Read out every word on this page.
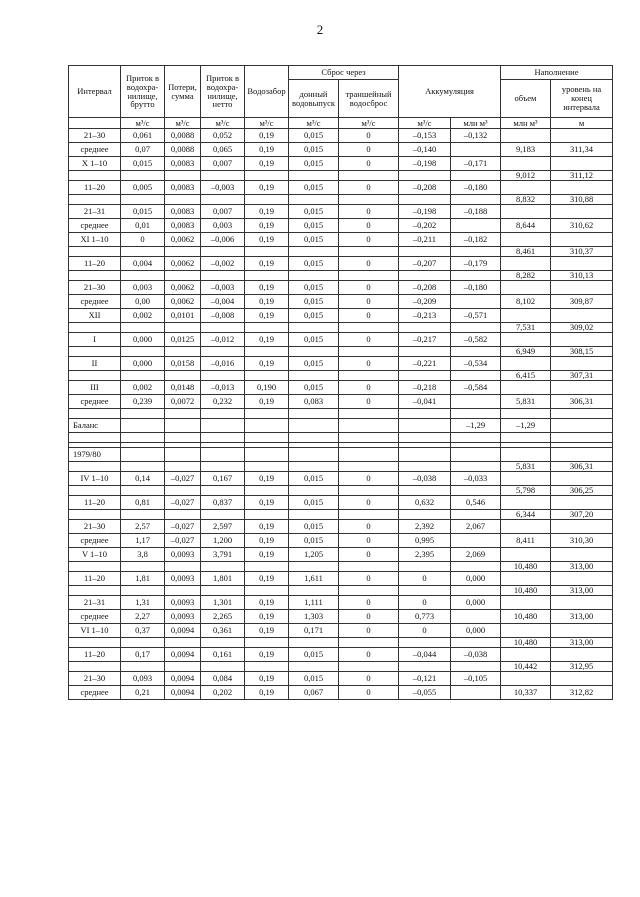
2
Интервал	Приток в водохра-нилище, брутто	Потери, сумма	Приток в водохра-нилище, нетто	Водозабор	Сброс через		Аккумуляция		Наполнение	
					донный водовыпуск	траншейный водосброс			объем	уровень на конец интервала

	м³/с	м³/с	м³/с	м³/с	м³/с	м³/с	м³/с	млн м³	млн м³	м
21–30	0,061	0,0088	0,052	0,19	0,015	0	–0,153	–0,132		
среднее	0,07	0,0088	0,065	0,19	0,015	0	–0,140		9,183	311,34
X 1–10	0,015	0,0083	0,007	0,19	0,015	0	–0,198	–0,171		
									9,012	311,12
11–20	0,005	0,0083	–0,003	0,19	0,015	0	–0,208	–0,180		
									8,832	310,88
21–31	0,015	0,0083	0,007	0,19	0,015	0	–0,198	–0,188		
среднее	0,01	0,0083	0,003	0,19	0,015	0	–0,202		8,644	310,62
XI 1–10	0	0,0062	–0,006	0,19	0,015	0	–0,211	–0,182		
									8,461	310,37
11–20	0,004	0,0062	–0,002	0,19	0,015	0	–0,207	–0,179		
									8,282	310,13
21–30	0,003	0,0062	–0,003	0,19	0,015	0	–0,208	–0,180		
среднее	0,00	0,0062	–0,004	0,19	0,015	0	–0,209		8,102	309,87
XII	0,002	0,0101	–0,008	0,19	0,015	0	–0,213	–0,571		
									7,531	309,02
I	0,000	0,0125	–0,012	0,19	0,015	0	–0,217	–0,582		
									6,949	308,15
II	0,000	0,0158	–0,016	0,19	0,015	0	–0,221	–0,534		
									6,415	307,31
III	0,002	0,0148	–0,013	0,190	0,015	0	–0,218	–0,584		
среднее	0,239	0,0072	0,232	0,19	0,083	0	–0,041		5,831	306,31

Баланс								–1,29	–1,29	

1979/80										
									5,831	306,31
IV 1–10	0,14	–0,027	0,167	0,19	0,015	0	–0,038	–0,033		
									5,798	306,25
11–20	0,81	–0,027	0,837	0,19	0,015	0	0,632	0,546		
									6,344	307,20
21–30	2,57	–0,027	2,597	0,19	0,015	0	2,392	2,067		
среднее	1,17	–0,027	1,200	0,19	0,015	0	0,995		8,411	310,30
V 1–10	3,8	0,0093	3,791	0,19	1,205	0	2,395	2,069		
									10,480	313,00
11–20	1,81	0,0093	1,801	0,19	1,611	0	0	0,000		
									10,480	313,00
21–31	1,31	0,0093	1,301	0,19	1,111	0	0	0,000		
среднее	2,27	0,0093	2,265	0,19	1,303	0	0,773		10,480	313,00
VI 1–10	0,37	0,0094	0,361	0,19	0,171	0	0	0,000		
									10,480	313,00
11–20	0,17	0,0094	0,161	0,19	0,015	0	–0,044	–0,038		
									10,442	312,95
21–30	0,093	0,0094	0,084	0,19	0,015	0	–0,121	–0,105		
среднее	0,21	0,0094	0,202	0,19	0,067	0	–0,055		10,337	312,82
